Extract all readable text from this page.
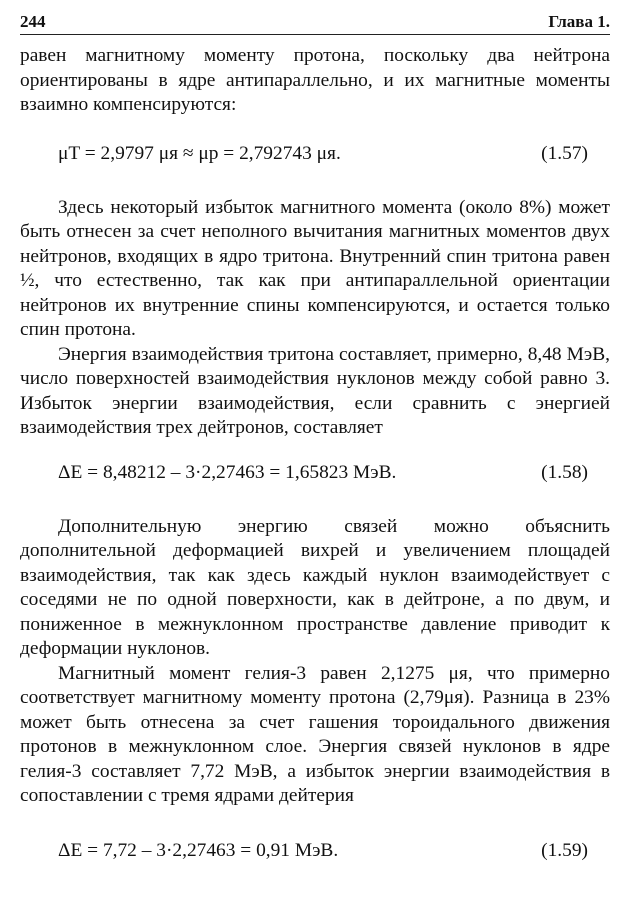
244	Глава 1.

равен магнитному моменту протона, поскольку два нейтрона ориентированы в ядре антипараллельно, и их магнитные моменты взаимно компенсируются:

μT = 2,9797 μя ≈ μp = 2,792743 μя.	(1.57)

Здесь некоторый избыток магнитного момента (около 8%) может быть отнесен за счет неполного вычитания магнитных моментов двух нейтронов, входящих в ядро тритона. Внутренний спин тритона равен ½, что естественно, так как при антипараллельной ориентации нейтронов их внутренние спины компенсируются, и остается только спин протона.

Энергия взаимодействия тритона составляет, примерно, 8,48 МэВ, число поверхностей взаимодействия нуклонов между собой равно 3. Избыток энергии взаимодействия, если сравнить с энергией взаимодействия трех дейтронов, составляет

ΔE = 8,48212 – 3·2,27463 = 1,65823 МэВ.	(1.58)

Дополнительную энергию связей можно объяснить дополнительной деформацией вихрей и увеличением площадей взаимодействия, так как здесь каждый нуклон взаимодействует с соседями не по одной поверхности, как в дейтроне, а по двум, и пониженное в межнуклонном пространстве давление приводит к деформации нуклонов.

Магнитный момент гелия-3 равен 2,1275 μя, что примерно соответствует магнитному моменту протона (2,79μя). Разница в 23% может быть отнесена за счет гашения тороидального движения протонов в межнуклонном слое. Энергия связей нуклонов в ядре гелия-3 составляет 7,72 МэВ, а избыток энергии взаимодействия в сопоставлении с тремя ядрами дейтерия

ΔE = 7,72 – 3·2,27463 = 0,91 МэВ.	(1.59)
